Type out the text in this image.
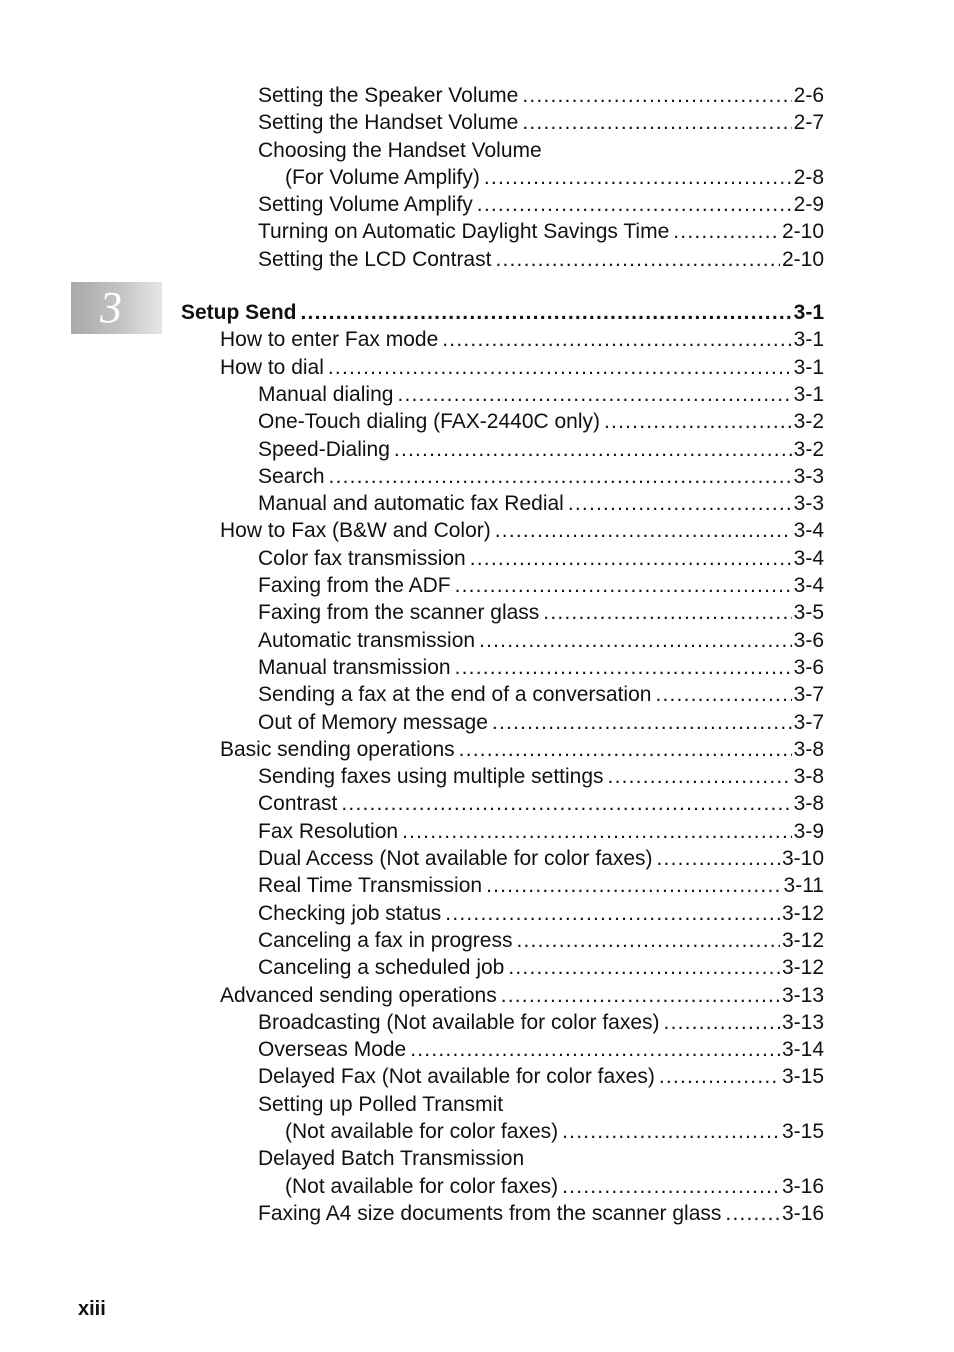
3
Setting the Speaker Volume .....	2-6
Setting the Handset Volume .....	2-7
Choosing the Handset Volume
(For Volume Amplify) .....	2-8
Setting Volume Amplify .....	2-9
Turning on Automatic Daylight Savings Time .....	2-10
Setting the LCD Contrast .....	2-10
Setup Send .....	3-1
How to enter Fax mode .....	3-1
How to dial .....	3-1
Manual dialing .....	3-1
One-Touch dialing (FAX-2440C only) .....	3-2
Speed-Dialing .....	3-2
Search .....	3-3
Manual and automatic fax Redial .....	3-3
How to Fax (B&W and Color) .....	3-4
Color fax transmission .....	3-4
Faxing from the ADF .....	3-4
Faxing from the scanner glass .....	3-5
Automatic transmission .....	3-6
Manual transmission .....	3-6
Sending a fax at the end of a conversation .....	3-7
Out of Memory message .....	3-7
Basic sending operations .....	3-8
Sending faxes using multiple settings .....	3-8
Contrast .....	3-8
Fax Resolution .....	3-9
Dual Access (Not available for color faxes) .....	3-10
Real Time Transmission .....	3-11
Checking job status .....	3-12
Canceling a fax in progress .....	3-12
Canceling a scheduled job .....	3-12
Advanced sending operations .....	3-13
Broadcasting (Not available for color faxes) .....	3-13
Overseas Mode .....	3-14
Delayed Fax (Not available for color faxes) .....	3-15
Setting up Polled Transmit
(Not available for color faxes) .....	3-15
Delayed Batch Transmission
(Not available for color faxes) .....	3-16
Faxing A4 size documents from the scanner glass .....	3-16
xiii
